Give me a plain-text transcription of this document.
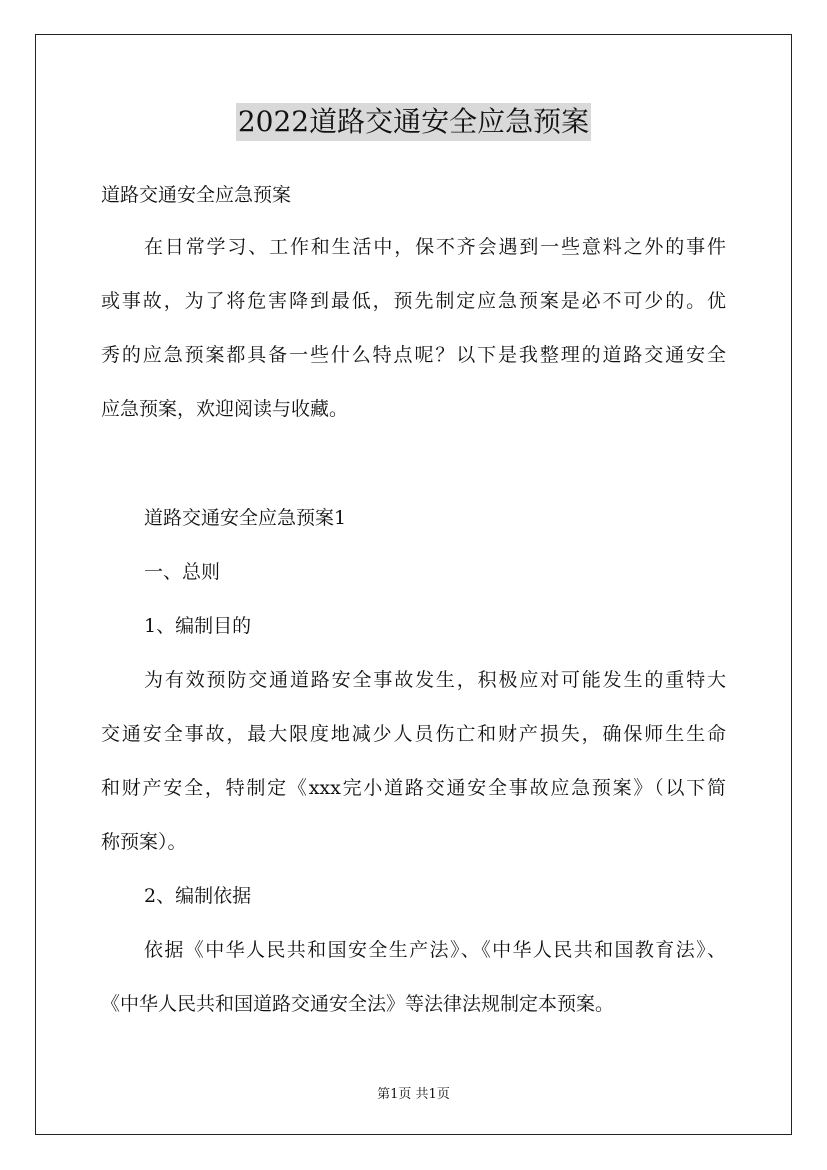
2022道路交通安全应急预案
道路交通安全应急预案
在日常学习、工作和生活中，保不齐会遇到一些意料之外的事件
或事故，为了将危害降到最低，预先制定应急预案是必不可少的。优
秀的应急预案都具备一些什么特点呢？以下是我整理的道路交通安全
应急预案，欢迎阅读与收藏。
道路交通安全应急预案1
一、总则
1、编制目的
为有效预防交通道路安全事故发生，积极应对可能发生的重特大
交通安全事故，最大限度地减少人员伤亡和财产损失，确保师生生命
和财产安全，特制定《xxx完小道路交通安全事故应急预案》（以下简
称预案）。
2、编制依据
依据《中华人民共和国安全生产法》、《中华人民共和国教育法》、
《中华人民共和国道路交通安全法》等法律法规制定本预案。
第1页 共1页
